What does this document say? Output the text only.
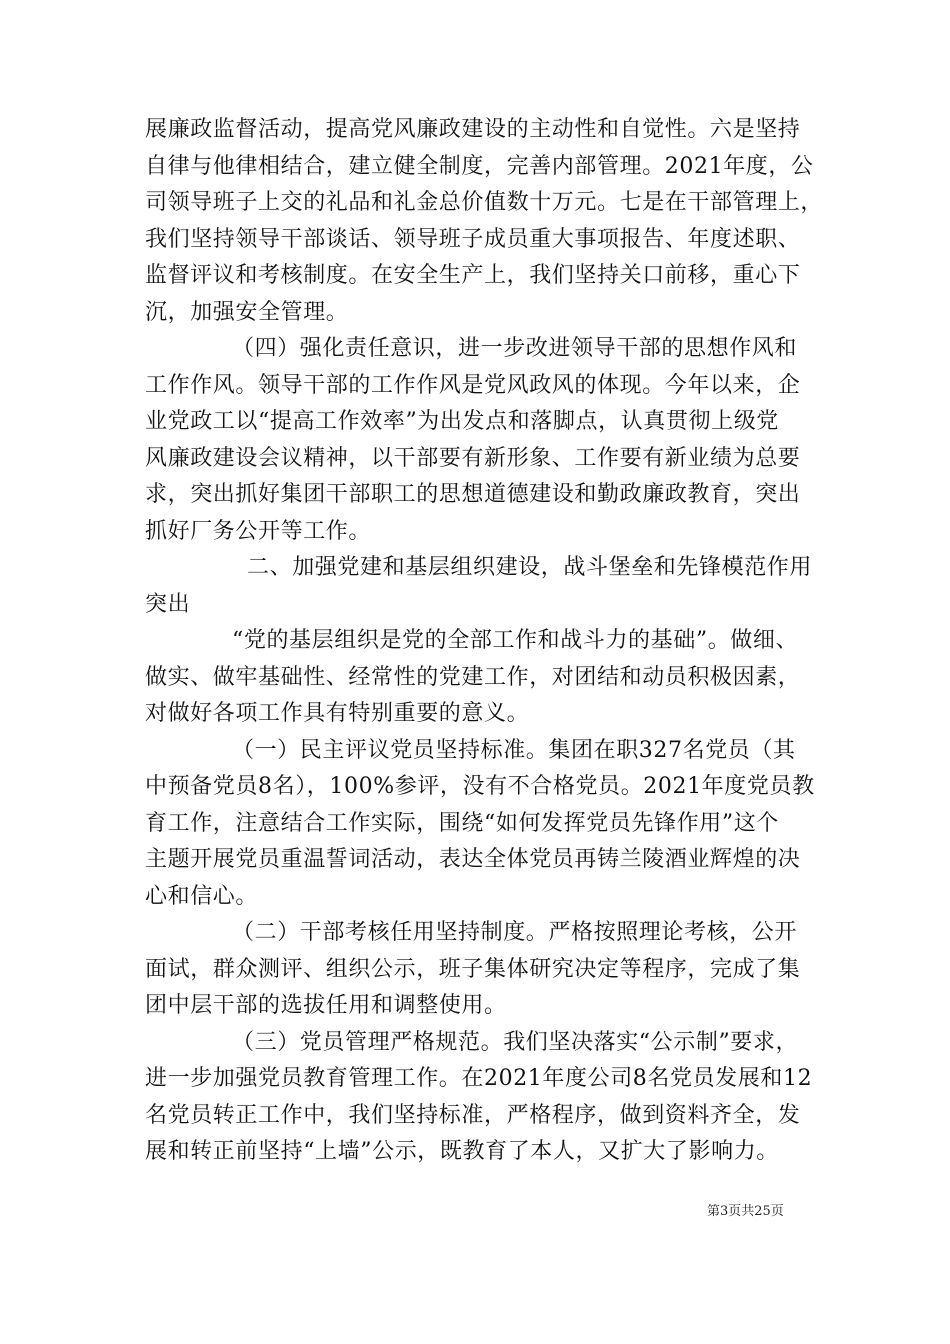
展廉政监督活动，提高党风廉政建设的主动性和自觉性。六是坚持
自律与他律相结合，建立健全制度，完善内部管理。2021年度，公
司领导班子上交的礼品和礼金总价值数十万元。七是在干部管理上，
我们坚持领导干部谈话、领导班子成员重大事项报告、年度述职、
监督评议和考核制度。在安全生产上，我们坚持关口前移，重心下
沉，加强安全管理。
（四）强化责任意识，进一步改进领导干部的思想作风和
工作作风。领导干部的工作作风是党风政风的体现。今年以来，企
业党政工以“提高工作效率”为出发点和落脚点，认真贯彻上级党
风廉政建设会议精神，以干部要有新形象、工作要有新业绩为总要
求，突出抓好集团干部职工的思想道德建设和勤政廉政教育，突出
抓好厂务公开等工作。
二、加强党建和基层组织建设，战斗堡垒和先锋模范作用
突出
“党的基层组织是党的全部工作和战斗力的基础”。做细、
做实、做牢基础性、经常性的党建工作，对团结和动员积极因素，
对做好各项工作具有特别重要的意义。
（一）民主评议党员坚持标准。集团在职327名党员（其
中预备党员8名），100%参评，没有不合格党员。2021年度党员教
育工作，注意结合工作实际，围绕“如何发挥党员先锋作用”这个
主题开展党员重温誓词活动，表达全体党员再铸兰陵酒业辉煌的决
心和信心。
（二）干部考核任用坚持制度。严格按照理论考核，公开
面试，群众测评、组织公示，班子集体研究决定等程序，完成了集
团中层干部的选拔任用和调整使用。
（三）党员管理严格规范。我们坚决落实“公示制”要求，
进一步加强党员教育管理工作。在2021年度公司8名党员发展和12
名党员转正工作中，我们坚持标准，严格程序，做到资料齐全，发
展和转正前坚持“上墙”公示，既教育了本人，又扩大了影响力。
第3页共25页
